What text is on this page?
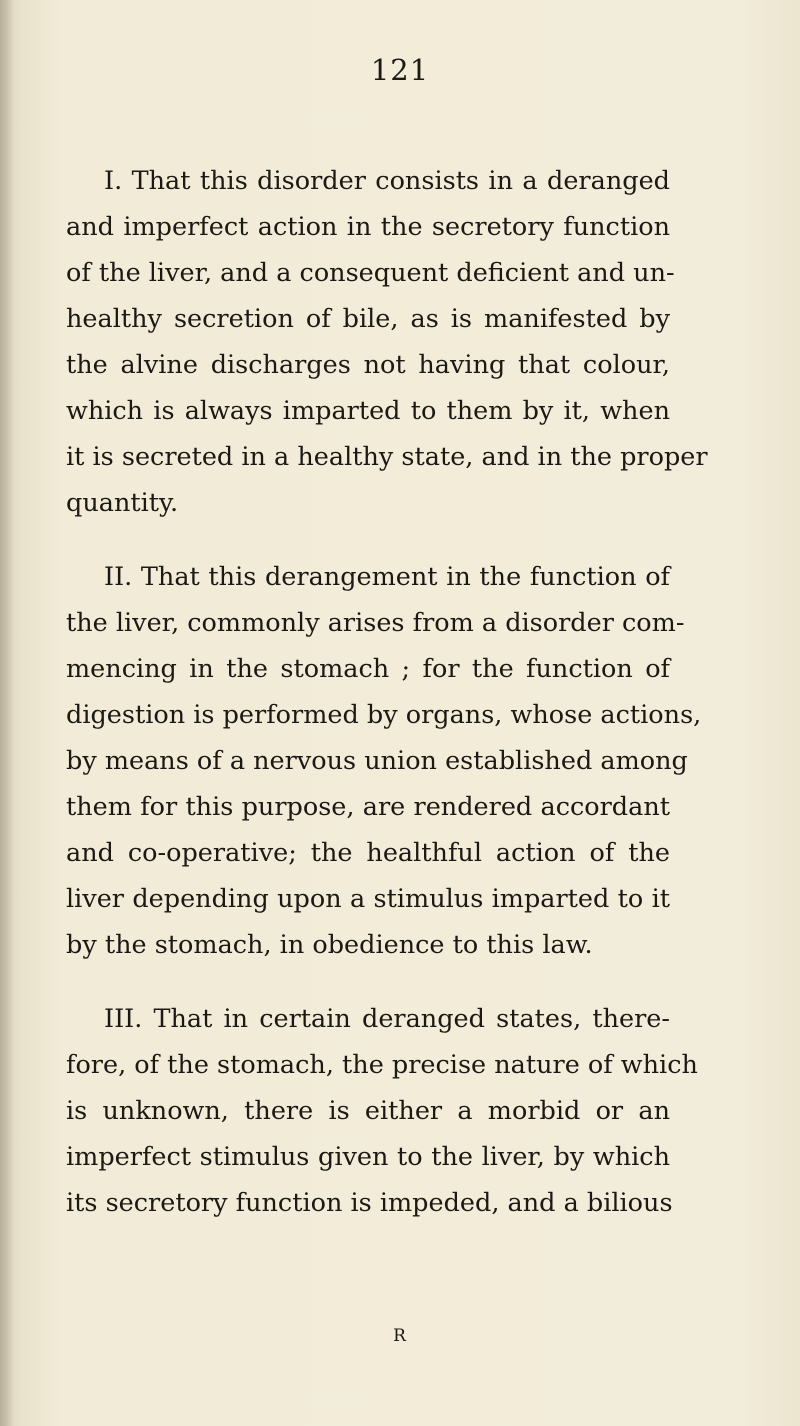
121
I. That this disorder consists in a deranged
and imperfect action in the secretory function
of the liver, and a consequent deficient and un-
healthy secretion of bile, as is manifested by
the alvine discharges not having that colour,
which is always imparted to them by it, when
it is secreted in a healthy state, and in the proper
quantity.
II. That this derangement in the function of
the liver, commonly arises from a disorder com-
mencing in the stomach ; for the function of
digestion is performed by organs, whose actions,
by means of a nervous union established among
them for this purpose, are rendered accordant
and co-operative; the healthful action of the
liver depending upon a stimulus imparted to it
by the stomach, in obedience to this law.
III. That in certain deranged states, there-
fore, of the stomach, the precise nature of which
is unknown, there is either a morbid or an
imperfect stimulus given to the liver, by which
its secretory function is impeded, and a bilious
R
